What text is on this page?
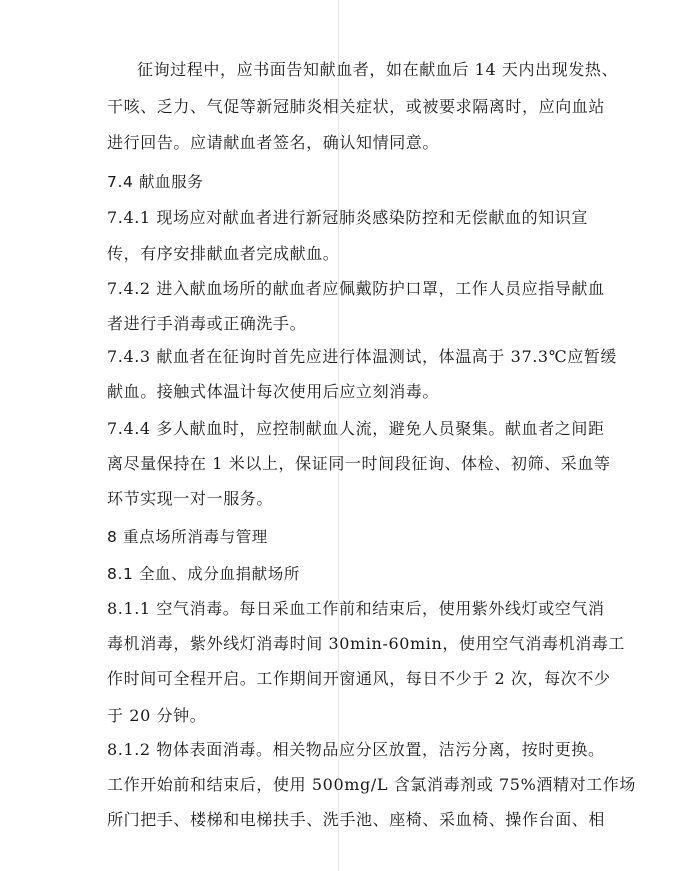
征询过程中，应书面告知献血者，如在献血后 14 天内出现发热、
干咳、乏力、气促等新冠肺炎相关症状，或被要求隔离时，应向血站
进行回告。应请献血者签名，确认知情同意。
7.4 献血服务
7.4.1 现场应对献血者进行新冠肺炎感染防控和无偿献血的知识宣
传，有序安排献血者完成献血。
7.4.2 进入献血场所的献血者应佩戴防护口罩，工作人员应指导献血
者进行手消毒或正确洗手。
7.4.3 献血者在征询时首先应进行体温测试，体温高于 37.3℃应暂缓
献血。接触式体温计每次使用后应立刻消毒。
7.4.4 多人献血时，应控制献血人流，避免人员聚集。献血者之间距
离尽量保持在 1 米以上，保证同一时间段征询、体检、初筛、采血等
环节实现一对一服务。
8 重点场所消毒与管理
8.1 全血、成分血捐献场所
8.1.1 空气消毒。每日采血工作前和结束后，使用紫外线灯或空气消
毒机消毒，紫外线灯消毒时间 30min-60min，使用空气消毒机消毒工
作时间可全程开启。工作期间开窗通风，每日不少于 2 次，每次不少
于 20 分钟。
8.1.2 物体表面消毒。相关物品应分区放置，洁污分离，按时更换。
工作开始前和结束后，使用 500mg/L 含氯消毒剂或 75%酒精对工作场
所门把手、楼梯和电梯扶手、洗手池、座椅、采血椅、操作台面、相
